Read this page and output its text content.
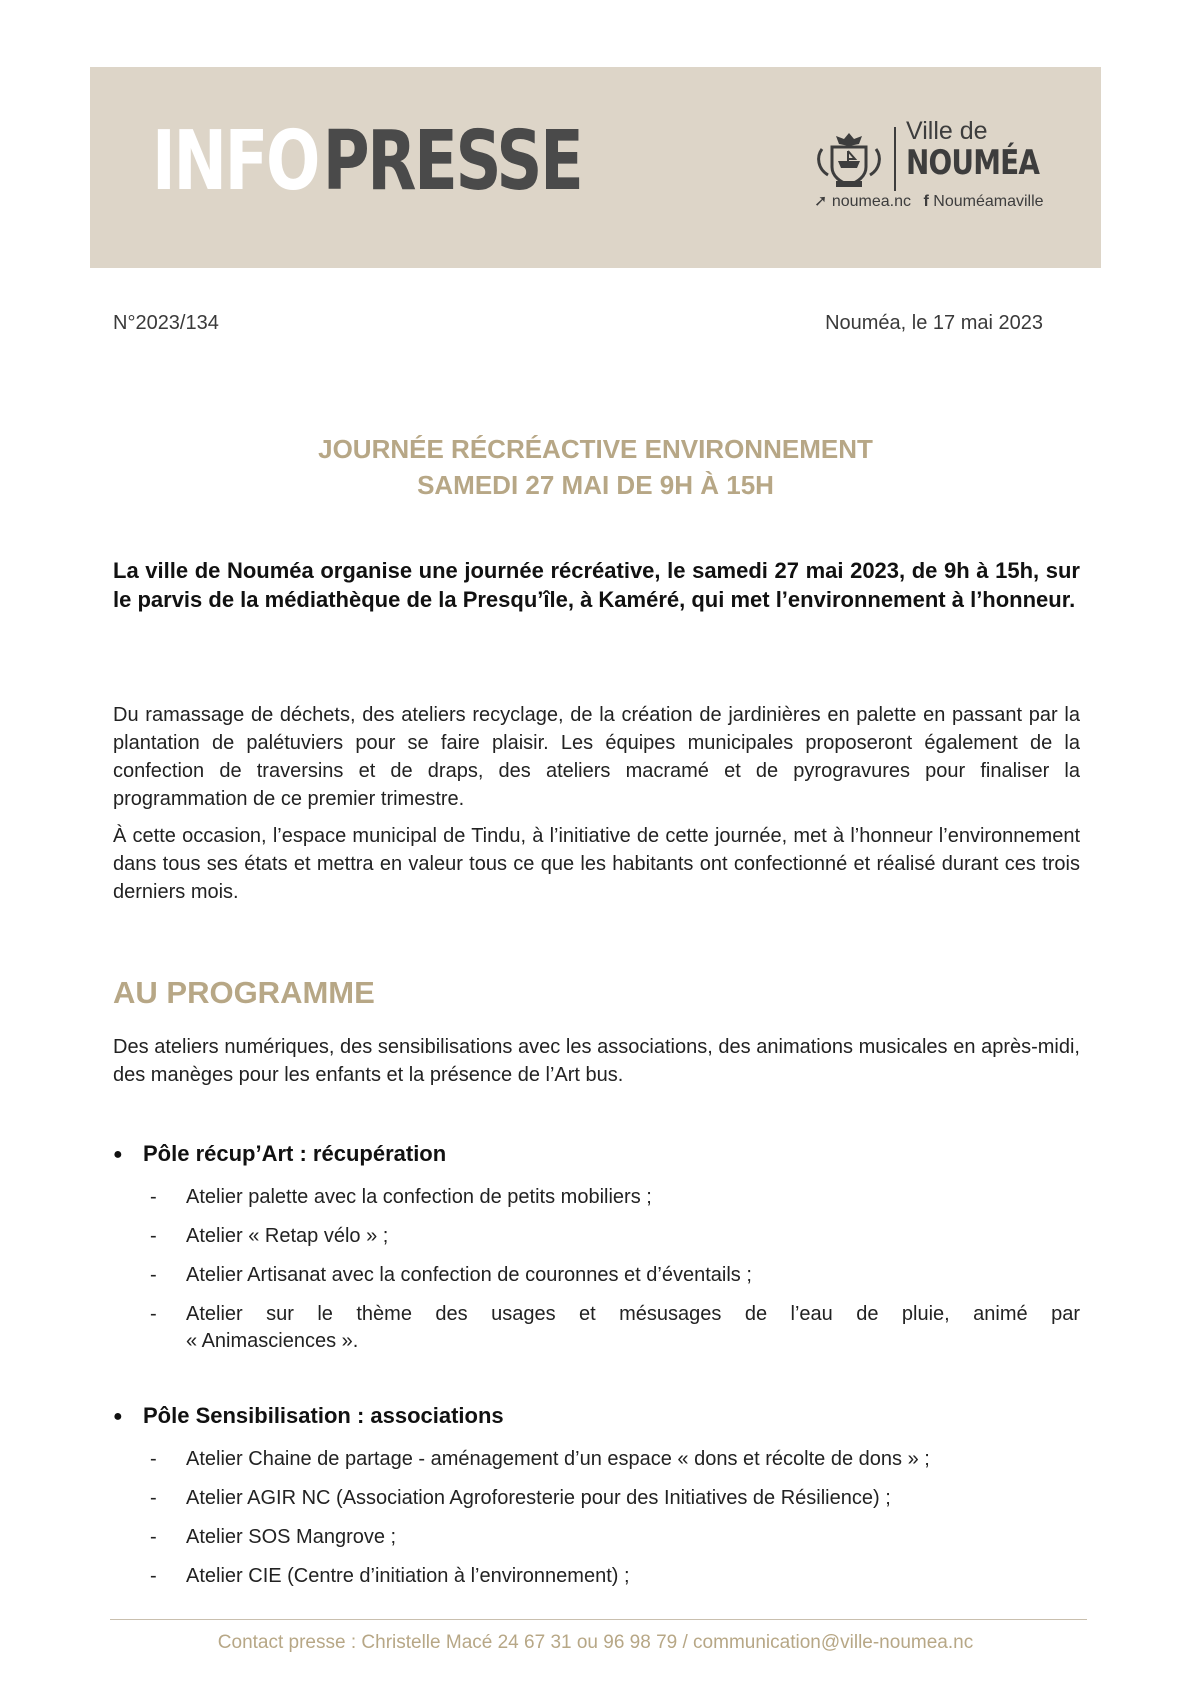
INFOPRESSE	Ville de
NOUMÉA
➚ noumea.nc f Nouméamaville
N°2023/134	Nouméa, le 17 mai 2023
JOURNÉE RÉCRÉACTIVE ENVIRONNEMENT
SAMEDI 27 MAI DE 9H À 15H
La ville de Nouméa organise une journée récréative, le samedi 27 mai 2023, de 9h à 15h, sur le parvis de la médiathèque de la Presqu’île, à Kaméré, qui met l’environnement à l’honneur.
Du ramassage de déchets, des ateliers recyclage, de la création de jardinières en palette en passant par la plantation de palétuviers pour se faire plaisir. Les équipes municipales proposeront également de la confection de traversins et de draps, des ateliers macramé et de pyrogravures pour finaliser la programmation de ce premier trimestre.
À cette occasion, l’espace municipal de Tindu, à l’initiative de cette journée, met à l’honneur l’environnement dans tous ses états et mettra en valeur tous ce que les habitants ont confectionné et réalisé durant ces trois derniers mois.
AU PROGRAMME
Des ateliers numériques, des sensibilisations avec les associations, des animations musicales en après-midi, des manèges pour les enfants et la présence de l’Art bus.
● Pôle récup’Art : récupération
- Atelier palette avec la confection de petits mobiliers ;
- Atelier « Retap vélo » ;
- Atelier Artisanat avec la confection de couronnes et d’éventails ;
- Atelier sur le thème des usages et mésusages de l’eau de pluie, animé par
« Animasciences ».
● Pôle Sensibilisation : associations
- Atelier Chaine de partage - aménagement d’un espace « dons et récolte de dons » ;
- Atelier AGIR NC (Association Agroforesterie pour des Initiatives de Résilience) ;
- Atelier SOS Mangrove ;
- Atelier CIE (Centre d’initiation à l’environnement) ;
Contact presse : Christelle Macé 24 67 31 ou 96 98 79 / communication@ville-noumea.nc
